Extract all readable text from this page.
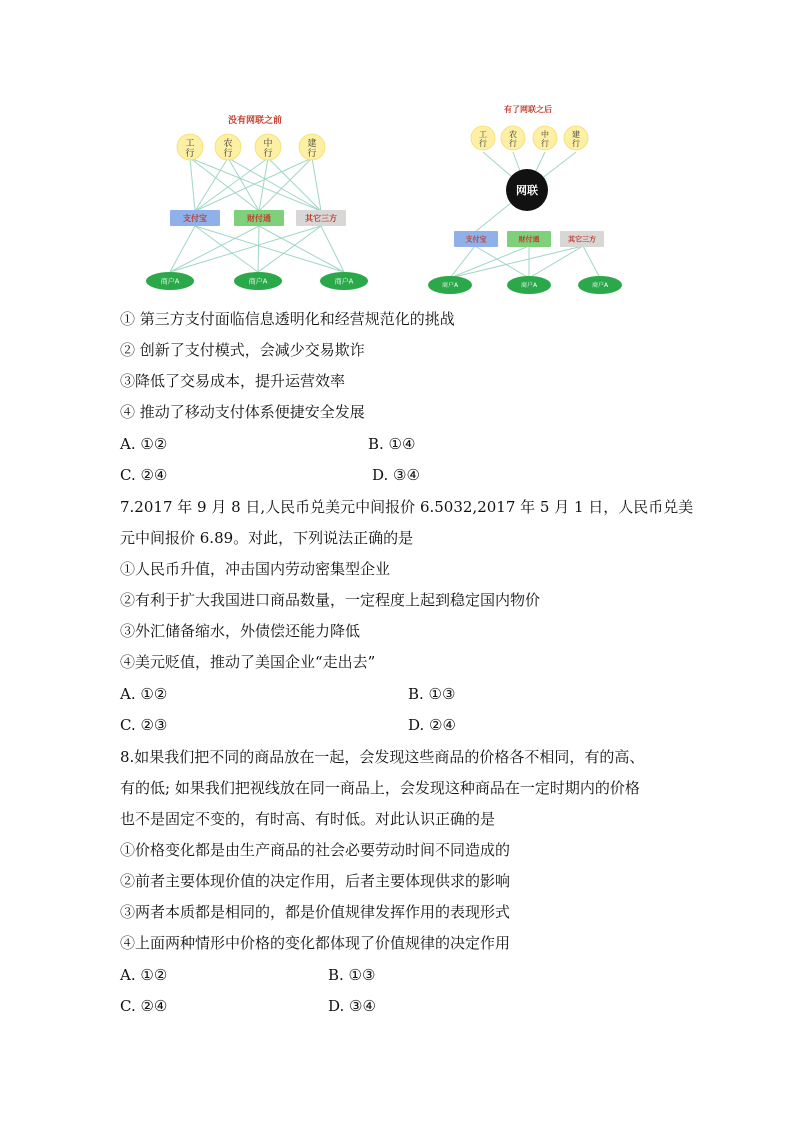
没有网联之前
有了网联之后
工
行
农
行
中
行
建
行
支付宝	财付通	其它三方
商户A	商户A	商户A
工
行
农
行
中
行
建
行
网联
支付宝	财付通	其它三方
商户A	商户A	商户A
① 第三方支付面临信息透明化和经营规范化的挑战
② 创新了支付模式，会减少交易欺诈
③降低了交易成本，提升运营效率
④ 推动了移动支付体系便捷安全发展
A. ①②	B. ①④
C. ②④	D. ③④
7.2017 年 9 月 8 日,人民币兑美元中间报价 6.5032,2017 年 5 月 1 日，人民币兑美
元中间报价 6.89。对此，下列说法正确的是
①人民币升值，冲击国内劳动密集型企业
②有利于扩大我国进口商品数量，一定程度上起到稳定国内物价
③外汇储备缩水，外债偿还能力降低
④美元贬值，推动了美国企业“走出去”
A. ①②	B. ①③
C. ②③	D. ②④
8.如果我们把不同的商品放在一起，会发现这些商品的价格各不相同，有的高、
有的低; 如果我们把视线放在同一商品上，会发现这种商品在一定时期内的价格
也不是固定不变的，有时高、有时低。对此认识正确的是
①价格变化都是由生产商品的社会必要劳动时间不同造成的
②前者主要体现价值的决定作用，后者主要体现供求的影响
③两者本质都是相同的，都是价值规律发挥作用的表现形式
④上面两种情形中价格的变化都体现了价值规律的决定作用
A. ①②	B. ①③
C. ②④	D. ③④
